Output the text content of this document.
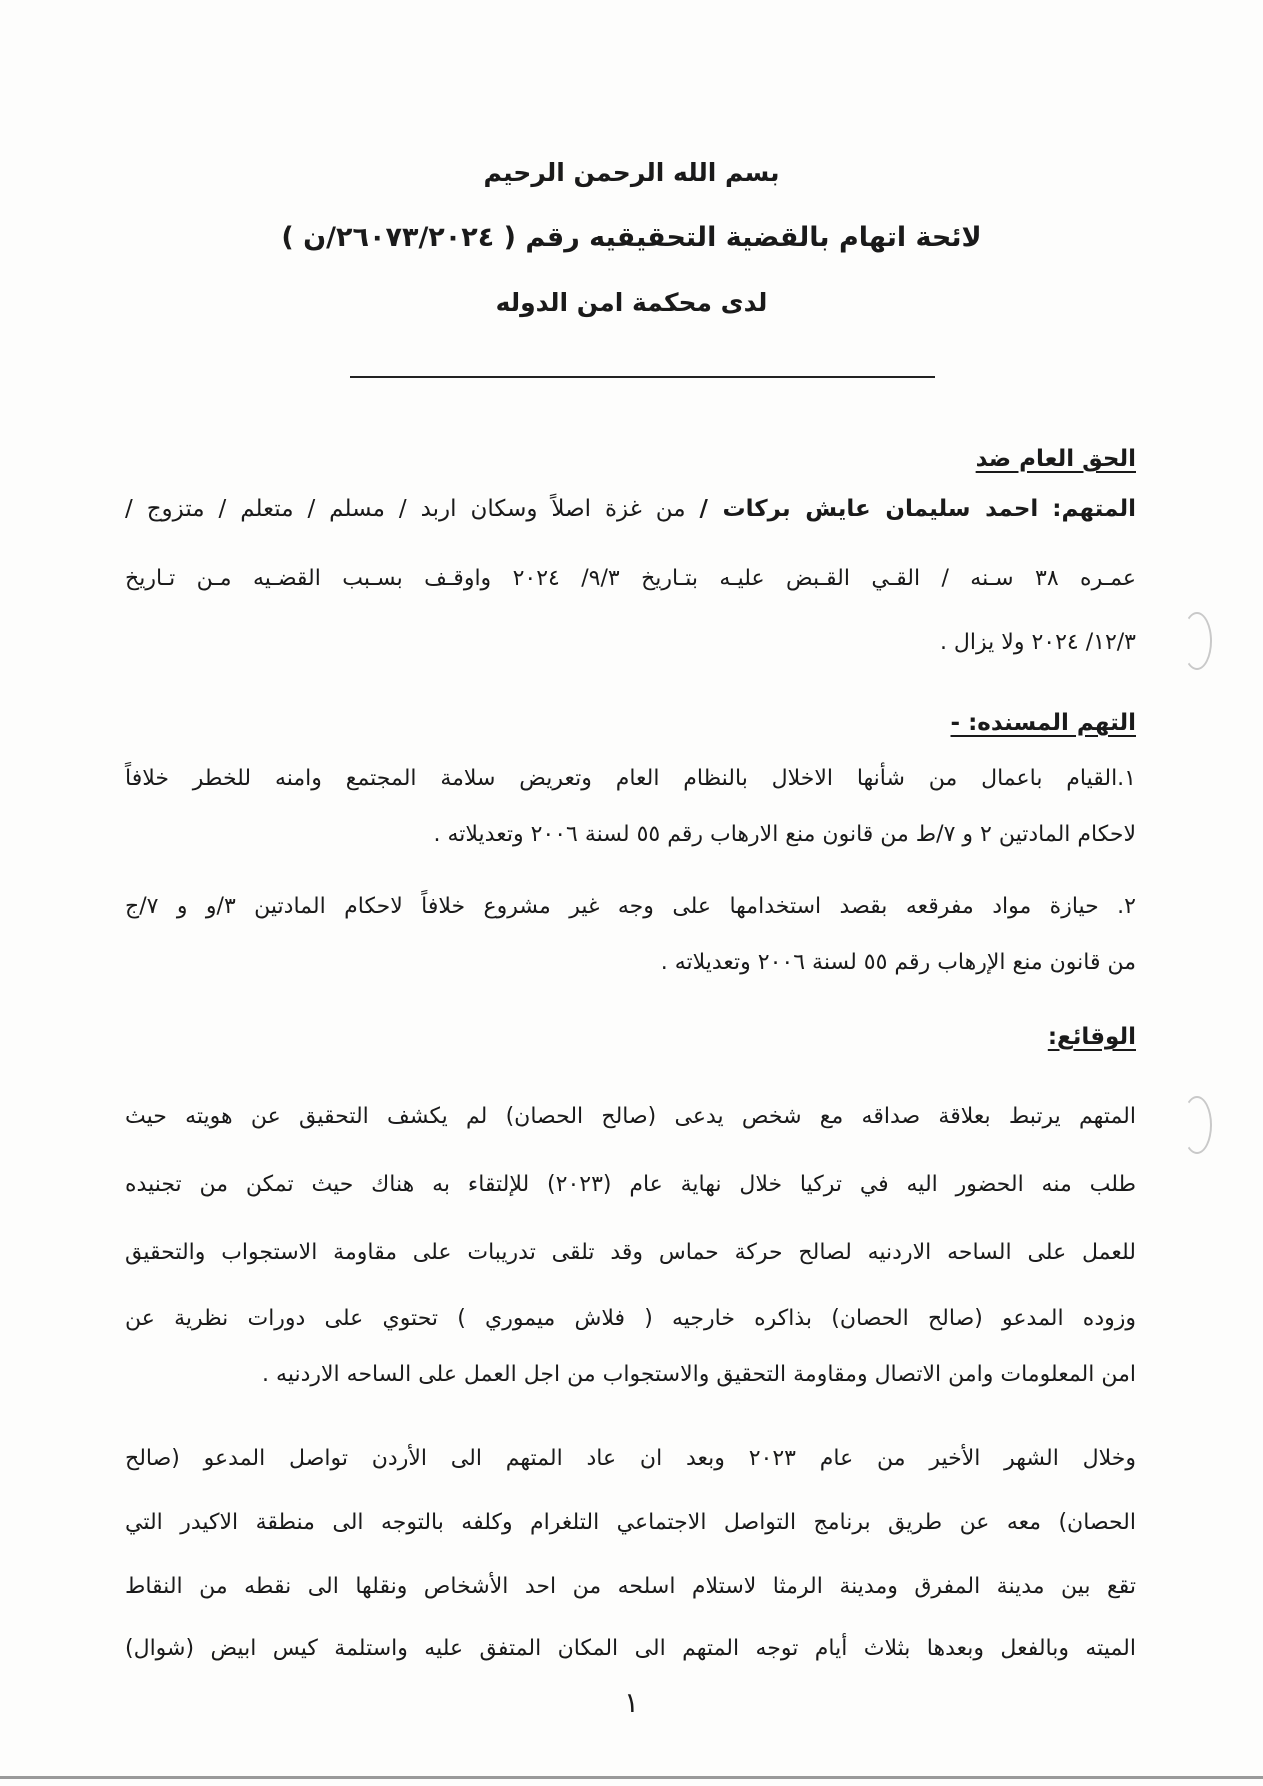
بسم الله الرحمن الرحيم
لائحة اتهام بالقضية التحقيقيه رقم ( ٢٦٠٧٣/٢٠٢٤/ن )
لدى محكمة امن الدوله
الحق العام ضد
المتهم: احمد سليمان عايش بركات / من غزة اصلاً وسكان اربد / مسلم / متعلم / متزوج /
عمـره ٣٨ سـنه / القـي القـبض عليـه بتـاريخ ٩/٣/ ٢٠٢٤ واوقـف بسـبب القضـيه مـن تـاريخ
١٢/٣/ ٢٠٢٤ ولا يزال .
التهم المسنده: -
١.القيام باعمال من شأنها الاخلال بالنظام العام وتعريض سلامة المجتمع وامنه للخطر خلافاً
لاحكام المادتين ٢ و ٧/ط من قانون منع الارهاب رقم ٥٥ لسنة ٢٠٠٦ وتعديلاته .
٢. حيازة مواد مفرقعه بقصد استخدامها على وجه غير مشروع خلافاً لاحكام المادتين ٣/و و ٧/ج
من قانون منع الإرهاب رقم ٥٥ لسنة ٢٠٠٦ وتعديلاته .
الوقائع:
المتهم يرتبط بعلاقة صداقه مع شخص يدعى (صالح الحصان) لم يكشف التحقيق عن هويته حيث
طلب منه الحضور اليه في تركيا خلال نهاية عام (٢٠٢٣) للإلتقاء به هناك حيث تمكن من تجنيده
للعمل على الساحه الاردنيه لصالح حركة حماس وقد تلقى تدريبات على مقاومة الاستجواب والتحقيق
وزوده المدعو (صالح الحصان) بذاكره خارجيه ( فلاش ميموري ) تحتوي على دورات نظرية عن
امن المعلومات وامن الاتصال ومقاومة التحقيق والاستجواب من اجل العمل على الساحه الاردنيه .
وخلال الشهر الأخير من عام ٢٠٢٣ وبعد ان عاد المتهم الى الأردن تواصل المدعو (صالح
الحصان) معه عن طريق برنامج التواصل الاجتماعي التلغرام وكلفه بالتوجه الى منطقة الاكيدر التي
تقع بين مدينة المفرق ومدينة الرمثا لاستلام اسلحه من احد الأشخاص ونقلها الى نقطه من النقاط
الميته وبالفعل وبعدها بثلاث أيام توجه المتهم الى المكان المتفق عليه واستلمة كيس ابيض (شوال)
١
